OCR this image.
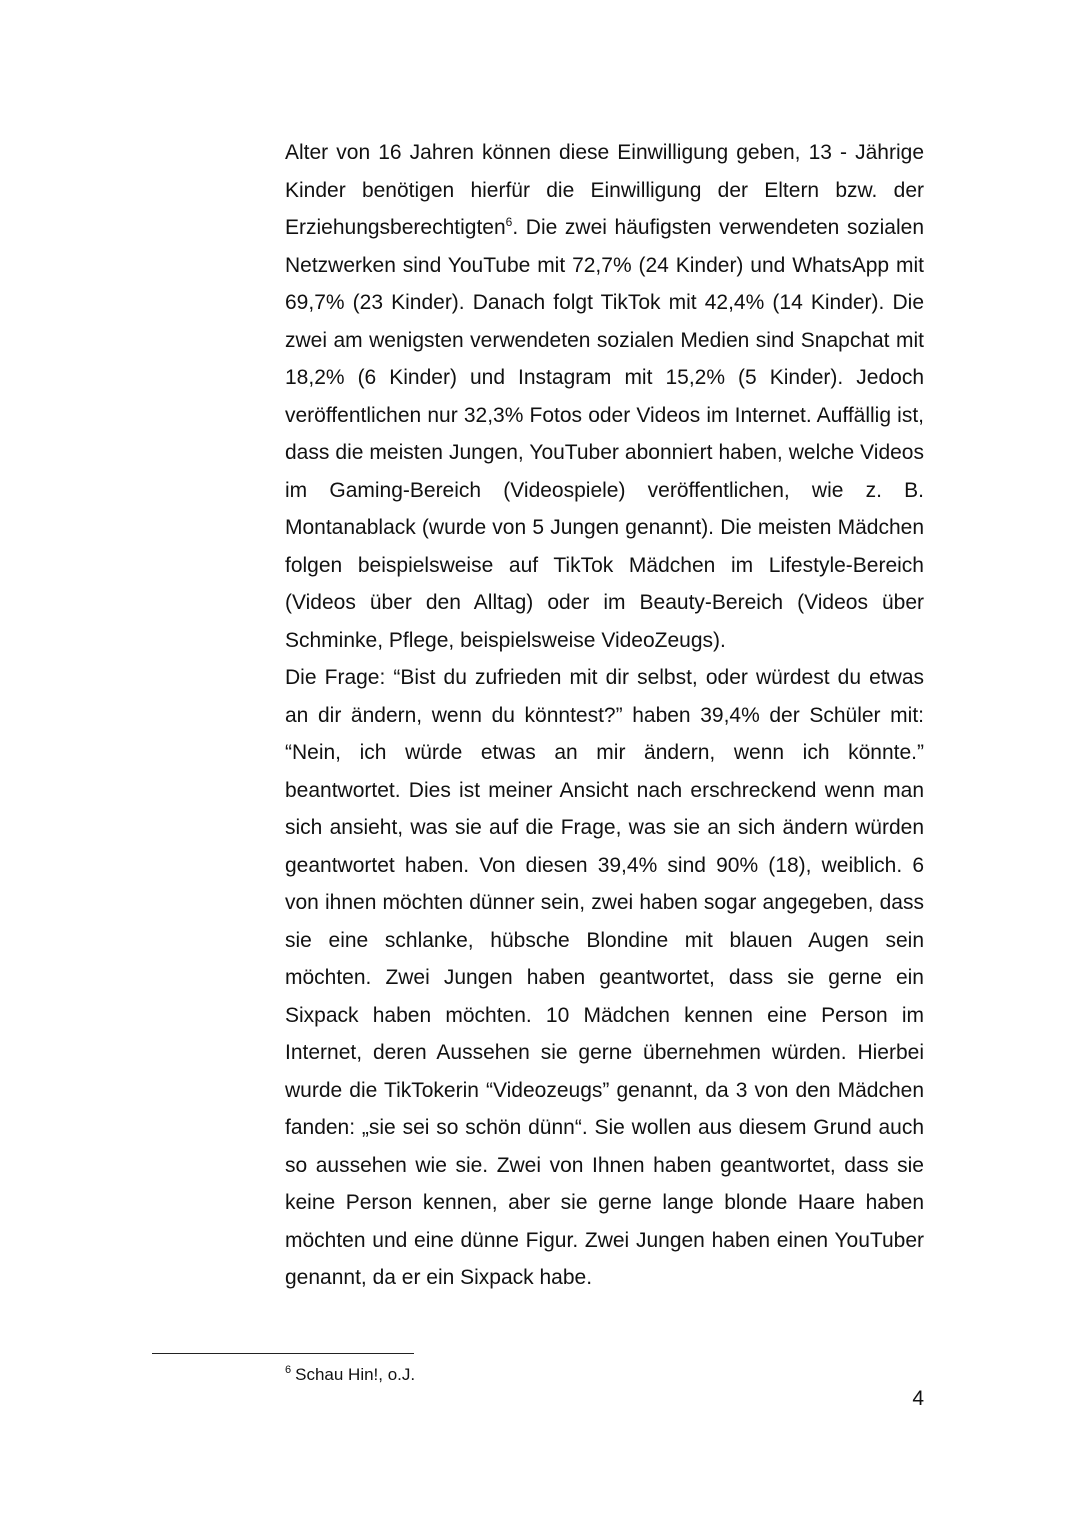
Alter von 16 Jahren können diese Einwilligung geben, 13 - Jährige Kinder benötigen hierfür die Einwilligung der Eltern bzw. der Erziehungsberechtigten$^6$. Die zwei häufigsten verwendeten sozialen Netzwerken sind YouTube mit 72,7% (24 Kinder) und WhatsApp mit 69,7% (23 Kinder). Danach folgt TikTok mit 42,4% (14 Kinder). Die zwei am wenigsten verwendeten sozialen Medien sind Snapchat mit 18,2% (6 Kinder) und Instagram mit 15,2% (5 Kinder). Jedoch veröffentlichen nur 32,3% Fotos oder Videos im Internet. Auffällig ist, dass die meisten Jungen, YouTuber abonniert haben, welche Videos im Gaming-Bereich (Videospiele) veröffentlichen, wie z. B. Montanablack (wurde von 5 Jungen genannt). Die meisten Mädchen folgen beispielsweise auf TikTok Mädchen im Lifestyle-Bereich (Videos über den Alltag) oder im Beauty-Bereich (Videos über Schminke, Pflege, beispielsweise VideoZeugs).

Die Frage: “Bist du zufrieden mit dir selbst, oder würdest du etwas an dir ändern, wenn du könntest?” haben 39,4% der Schüler mit: “Nein, ich würde etwas an mir ändern, wenn ich könnte.” beantwortet. Dies ist meiner Ansicht nach erschreckend wenn man sich ansieht, was sie auf die Frage, was sie an sich ändern würden geantwortet haben. Von diesen 39,4% sind 90% (18), weiblich. 6 von ihnen möchten dünner sein, zwei haben sogar angegeben, dass sie eine schlanke, hübsche Blondine mit blauen Augen sein möchten. Zwei Jungen haben geantwortet, dass sie gerne ein Sixpack haben möchten. 10 Mädchen kennen eine Person im Internet, deren Aussehen sie gerne übernehmen würden. Hierbei wurde die TikTokerin “Videozeugs” genannt, da 3 von den Mädchen fanden: „sie sei so schön dünn“. Sie wollen aus diesem Grund auch so aussehen wie sie. Zwei von Ihnen haben geantwortet, dass sie keine Person kennen, aber sie gerne lange blonde Haare haben möchten und eine dünne Figur. Zwei Jungen haben einen YouTuber genannt, da er ein Sixpack habe.

$^6$ Schau Hin!, o.J.
4
